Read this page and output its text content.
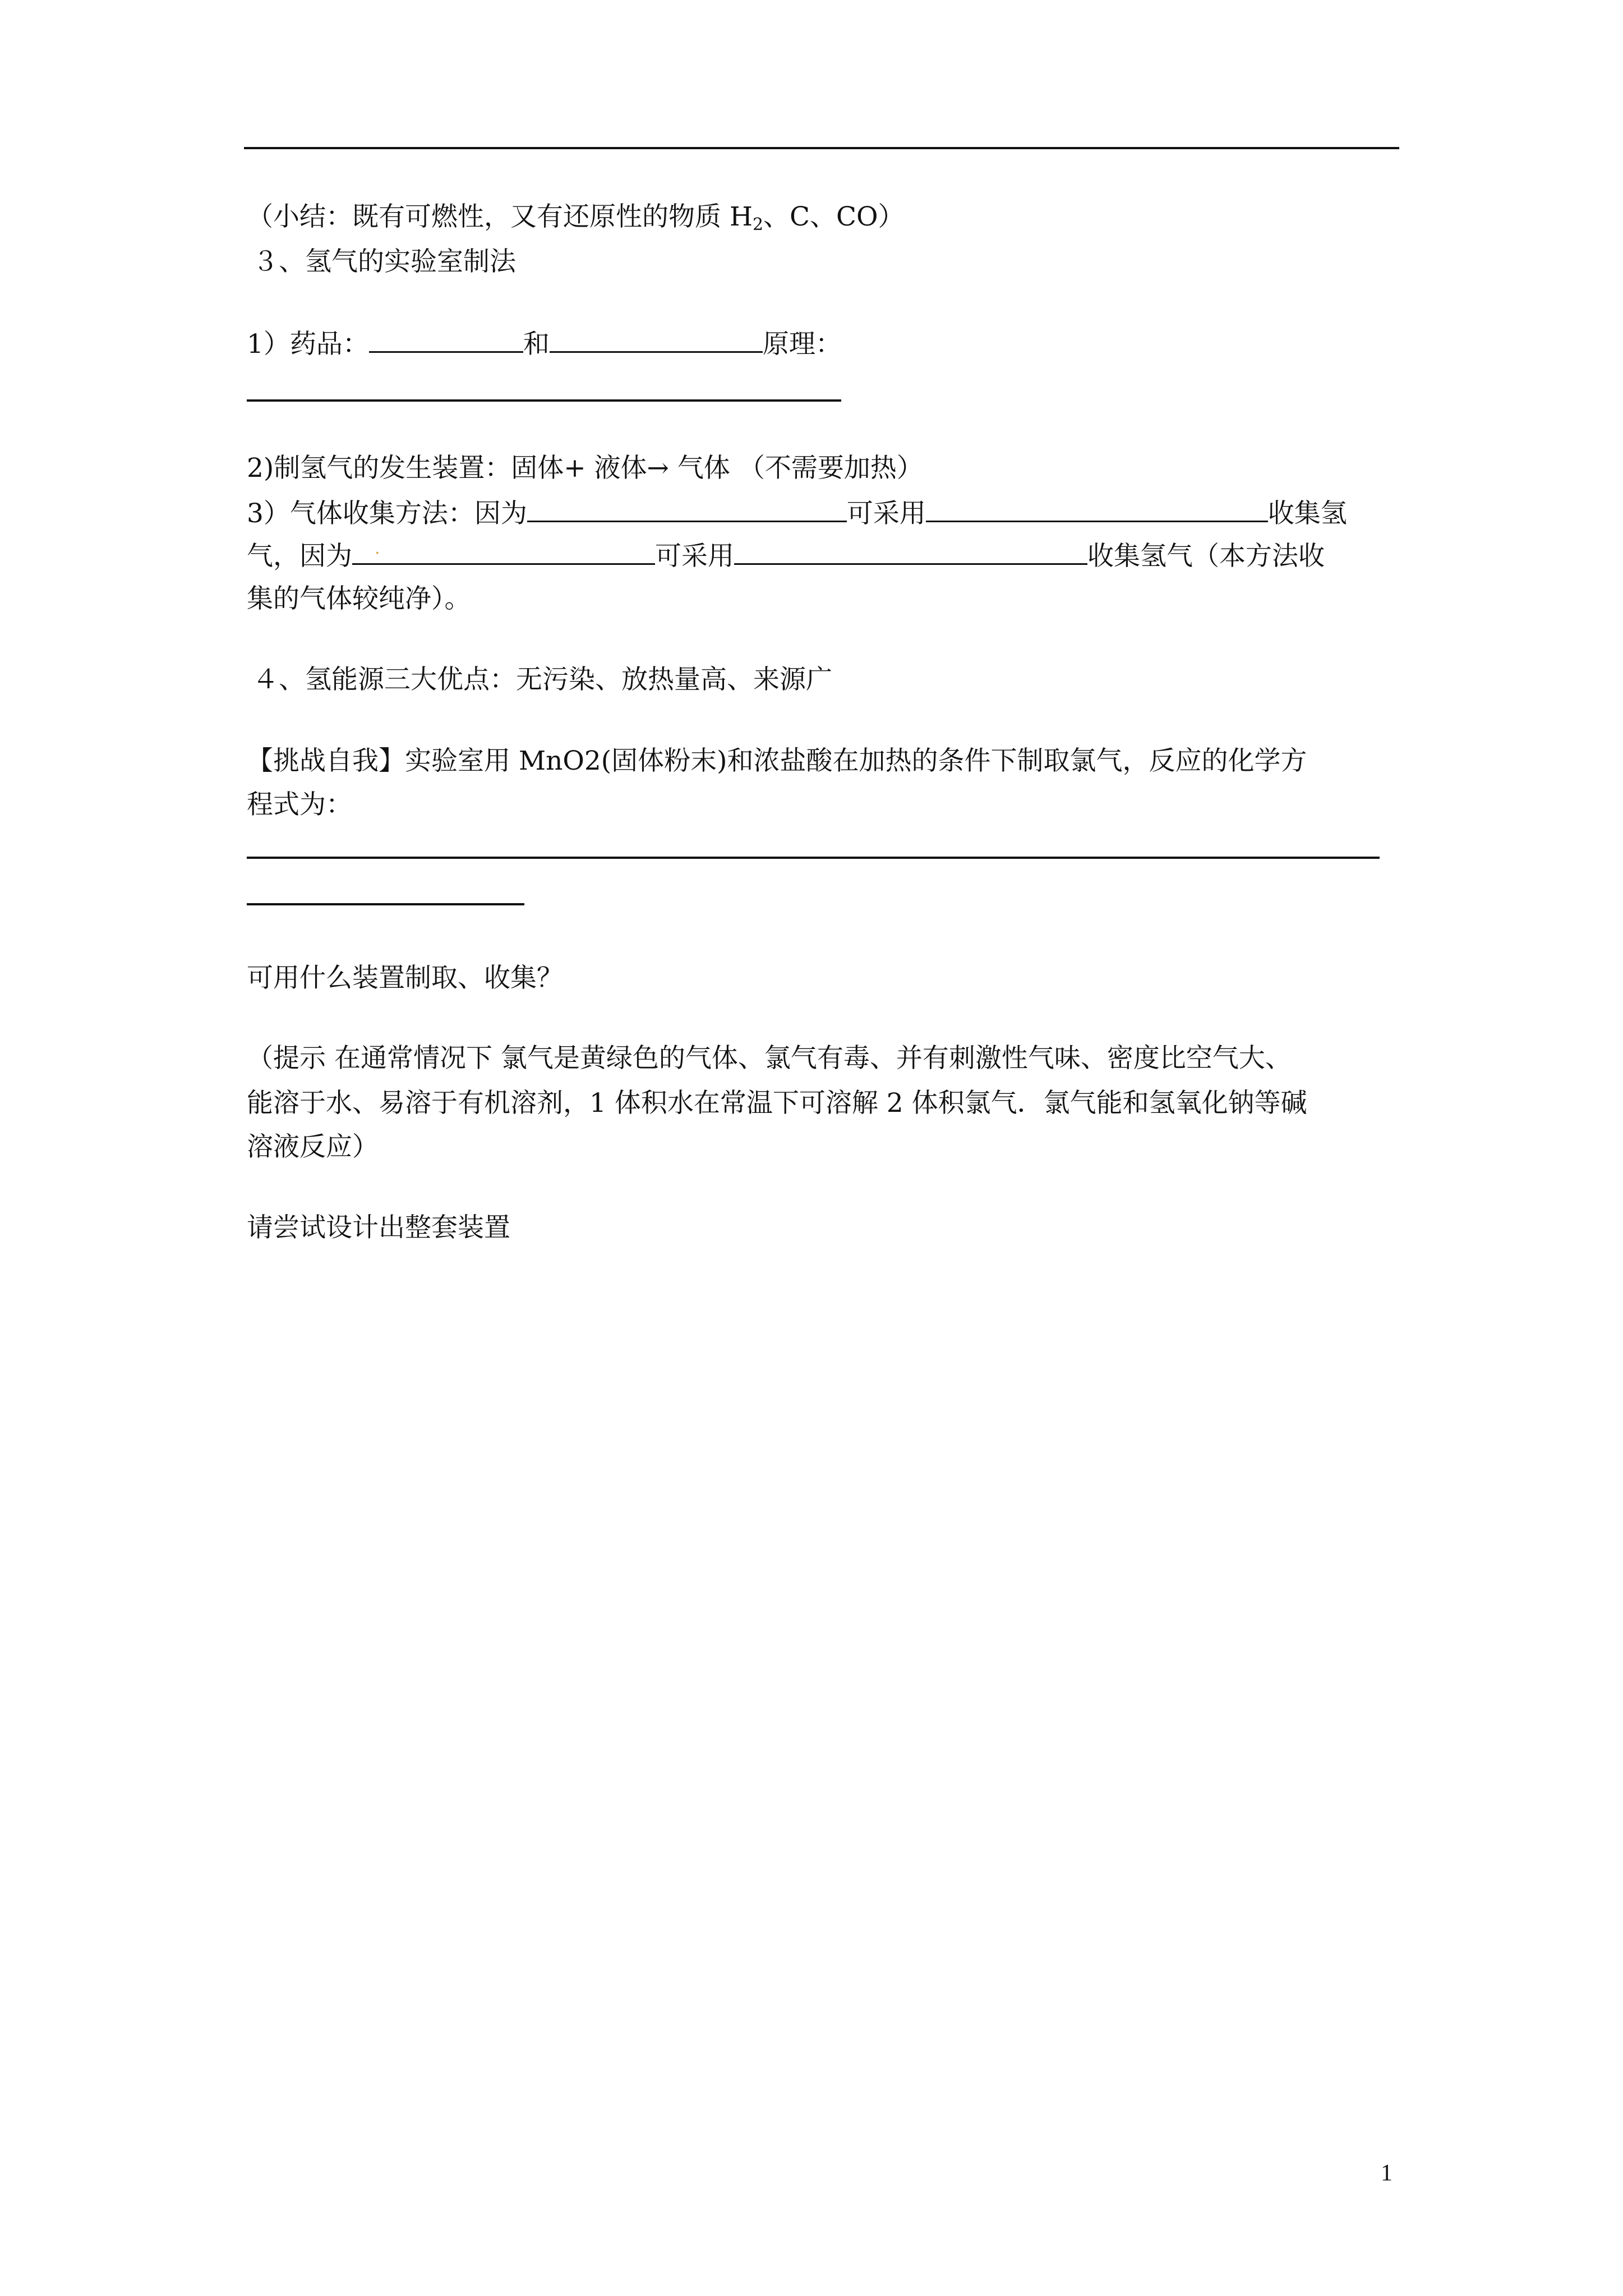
（小结：既有可燃性，又有还原性的物质 $H_2$、C、CO）
３、氢气的实验室制法
1）药品：	和	原理：
2)制氢气的发生装置：固体+ 液体→ 气体 （不需要加热）
3）气体收集方法：因为	可采用	收集氢
气，因为 .	可采用	收集氢气（本方法收
集的气体较纯净）。
４、氢能源三大优点：无污染、放热量高、来源广
【挑战自我】实验室用 MnO2(固体粉末)和浓盐酸在加热的条件下制取氯气，反应的化学方
程式为：
可用什么装置制取、收集？
（提示 在通常情况下 氯气是黄绿色的气体、氯气有毒、并有刺激性气味、密度比空气大、
能溶于水、易溶于有机溶剂，1 体积水在常温下可溶解 2 体积氯气．氯气能和氢氧化钠等碱
溶液反应）
请尝试设计出整套装置
1
